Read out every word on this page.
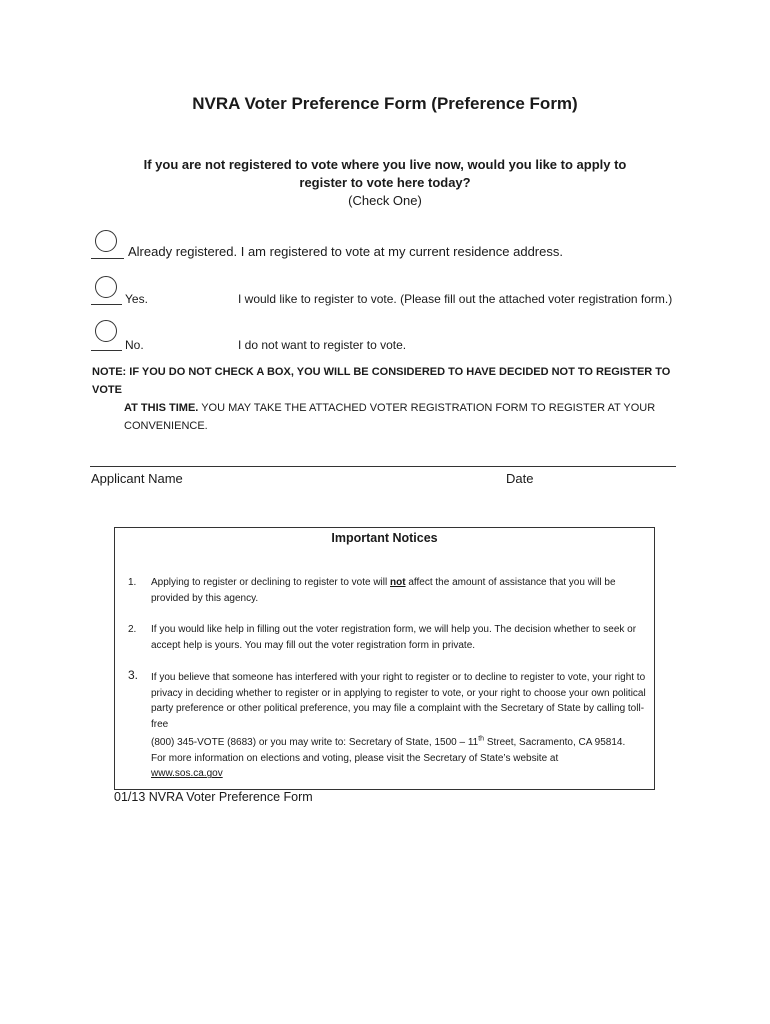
NVRA Voter Preference Form (Preference Form)
If you are not registered to vote where you live now, would you like to apply to
register to vote here today?
(Check One)
Already registered. I am registered to vote at my current residence address.
Yes.	I would like to register to vote. (Please fill out the attached voter registration form.)
No.	I do not want to register to vote.
NOTE: IF YOU DO NOT CHECK A BOX, YOU WILL BE CONSIDERED TO HAVE DECIDED NOT TO REGISTER TO VOTE
AT THIS TIME. YOU MAY TAKE THE ATTACHED VOTER REGISTRATION FORM TO REGISTER AT YOUR
CONVENIENCE.
Applicant Name	Date
Important Notices
1. Applying to register or declining to register to vote will not affect the amount of assistance that you will be provided by this agency.
2. If you would like help in filling out the voter registration form, we will help you. The decision whether to seek or accept help is yours. You may fill out the voter registration form in private.
3. If you believe that someone has interfered with your right to register or to decline to register to vote, your right to privacy in deciding whether to register or in applying to register to vote, or your right to choose your own political party preference or other political preference, you may file a complaint with the Secretary of State by calling toll-free
(800) 345-VOTE (8683) or you may write to: Secretary of State, 1500 – 11th Street, Sacramento, CA 95814.
For more information on elections and voting, please visit the Secretary of State’s website at
www.sos.ca.gov
01/13 NVRA Voter Preference Form
